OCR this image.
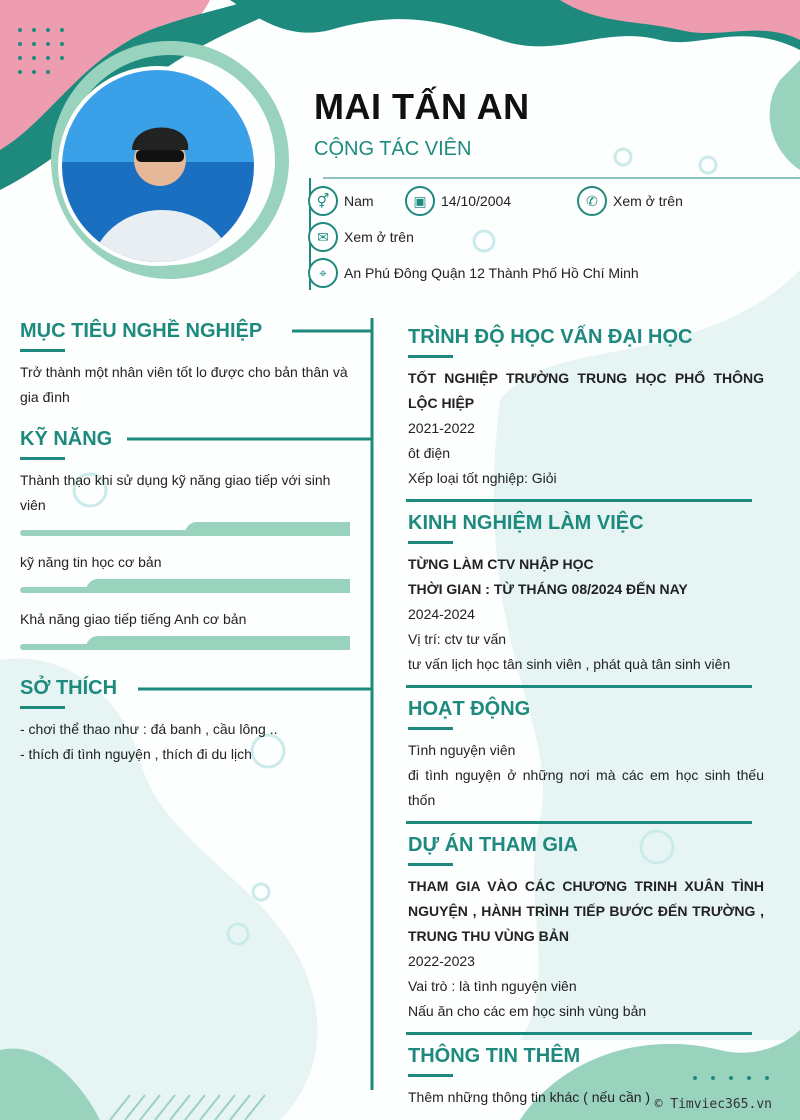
MAI TẤN AN
CỘNG TÁC VIÊN
⚥	Nam	▣	14/10/2004	✆	Xem ở trên
✉	Xem ở trên
⌖	An Phú Đông Quận 12 Thành Phố Hồ Chí Minh
MỤC TIÊU NGHỀ NGHIỆP
Trở thành một nhân viên tốt lo được cho bản thân và gia đình
KỸ NĂNG
Thành thạo khi sử dụng kỹ năng giao tiếp với sinh viên
kỹ năng tin học cơ bản
Khả năng giao tiếp tiếng Anh cơ bản
SỞ THÍCH
- chơi thể thao như : đá banh , cầu lông ..
- thích đi tình nguyện , thích đi du lịch
TRÌNH ĐỘ HỌC VẤN ĐẠI HỌC
TỐT NGHIỆP TRƯỜNG TRUNG HỌC PHỔ THÔNG LỘC HIỆP
2021-2022
ôt điện
Xếp loại tốt nghiệp: Giỏi
KINH NGHIỆM LÀM VIỆC
TỪNG LÀM CTV NHẬP HỌC
THỜI GIAN : TỪ THÁNG 08/2024 ĐẾN NAY
2024-2024
Vị trí: ctv tư vấn
tư vấn lịch học tân sinh viên , phát quà tân sinh viên
HOẠT ĐỘNG
Tình nguyện viên
đi tình nguyện ở những nơi mà các em học sinh thếu thốn
DỰ ÁN THAM GIA
THAM GIA VÀO CÁC CHƯƠNG TRINH XUÂN TÌNH NGUYỆN , HÀNH TRÌNH TIẾP BƯỚC ĐẾN TRƯỜNG , TRUNG THU VÙNG BẢN
2022-2023
Vai trò : là tình nguyện viên
Nấu ăn cho các em học sinh vùng bản
THÔNG TIN THÊM
Thêm những thông tin khác ( nếu cần ) © Timviec365.vn
